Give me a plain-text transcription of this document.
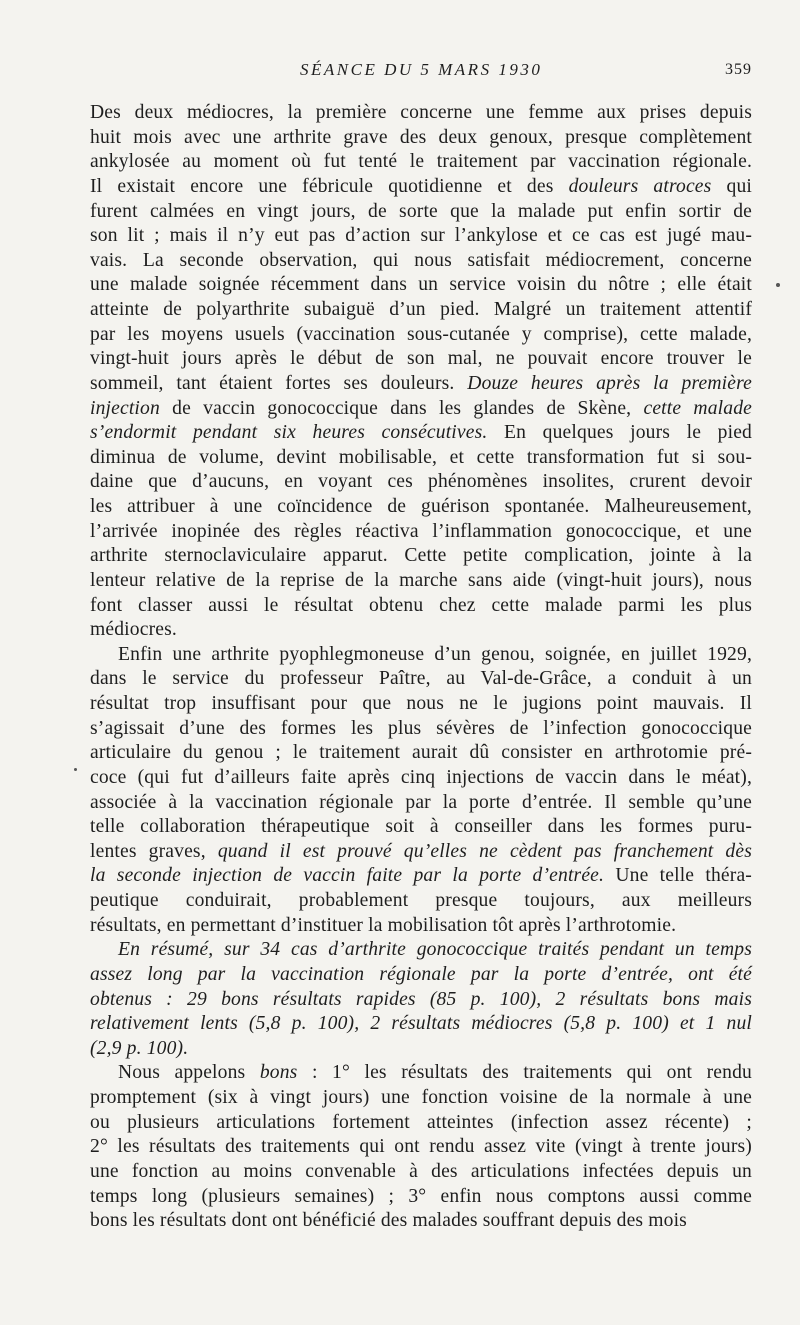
SÉANCE DU 5 MARS 1930	359
Des deux médiocres, la première concerne une femme aux prises depuis
huit mois avec une arthrite grave des deux genoux, presque complètement
ankylosée au moment où fut tenté le traitement par vaccination régionale.
Il existait encore une fébricule quotidienne et des douleurs atroces qui
furent calmées en vingt jours, de sorte que la malade put enfin sortir de
son lit ; mais il n’y eut pas d’action sur l’ankylose et ce cas est jugé mau-
vais. La seconde observation, qui nous satisfait médiocrement, concerne
une malade soignée récemment dans un service voisin du nôtre ; elle était
atteinte de polyarthrite subaiguë d’un pied. Malgré un traitement attentif
par les moyens usuels (vaccination sous-cutanée y comprise), cette malade,
vingt-huit jours après le début de son mal, ne pouvait encore trouver le
sommeil, tant étaient fortes ses douleurs. Douze heures après la première
injection de vaccin gonococcique dans les glandes de Skène, cette malade
s’endormit pendant six heures consécutives. En quelques jours le pied
diminua de volume, devint mobilisable, et cette transformation fut si sou-
daine que d’aucuns, en voyant ces phénomènes insolites, crurent devoir
les attribuer à une coïncidence de guérison spontanée. Malheureusement,
l’arrivée inopinée des règles réactiva l’inflammation gonococcique, et une
arthrite sternoclaviculaire apparut. Cette petite complication, jointe à la
lenteur relative de la reprise de la marche sans aide (vingt-huit jours), nous
font classer aussi le résultat obtenu chez cette malade parmi les plus
médiocres.
Enfin une arthrite pyophlegmoneuse d’un genou, soignée, en juillet 1929,
dans le service du professeur Paître, au Val-de-Grâce, a conduit à un
résultat trop insuffisant pour que nous ne le jugions point mauvais. Il
s’agissait d’une des formes les plus sévères de l’infection gonococcique
articulaire du genou ; le traitement aurait dû consister en arthrotomie pré-
coce (qui fut d’ailleurs faite après cinq injections de vaccin dans le méat),
associée à la vaccination régionale par la porte d’entrée. Il semble qu’une
telle collaboration thérapeutique soit à conseiller dans les formes puru-
lentes graves, quand il est prouvé qu’elles ne cèdent pas franchement dès
la seconde injection de vaccin faite par la porte d’entrée. Une telle théra-
peutique conduirait, probablement presque toujours, aux meilleurs
résultats, en permettant d’instituer la mobilisation tôt après l’arthrotomie.
En résumé, sur 34 cas d’arthrite gonococcique traités pendant un temps
assez long par la vaccination régionale par la porte d’entrée, ont été
obtenus : 29 bons résultats rapides (85 p. 100), 2 résultats bons mais
relativement lents (5,8 p. 100), 2 résultats médiocres (5,8 p. 100) et 1 nul
(2,9 p. 100).
Nous appelons bons : 1° les résultats des traitements qui ont rendu
promptement (six à vingt jours) une fonction voisine de la normale à une
ou plusieurs articulations fortement atteintes (infection assez récente) ;
2° les résultats des traitements qui ont rendu assez vite (vingt à trente jours)
une fonction au moins convenable à des articulations infectées depuis un
temps long (plusieurs semaines) ; 3° enfin nous comptons aussi comme
bons les résultats dont ont bénéficié des malades souffrant depuis des mois
